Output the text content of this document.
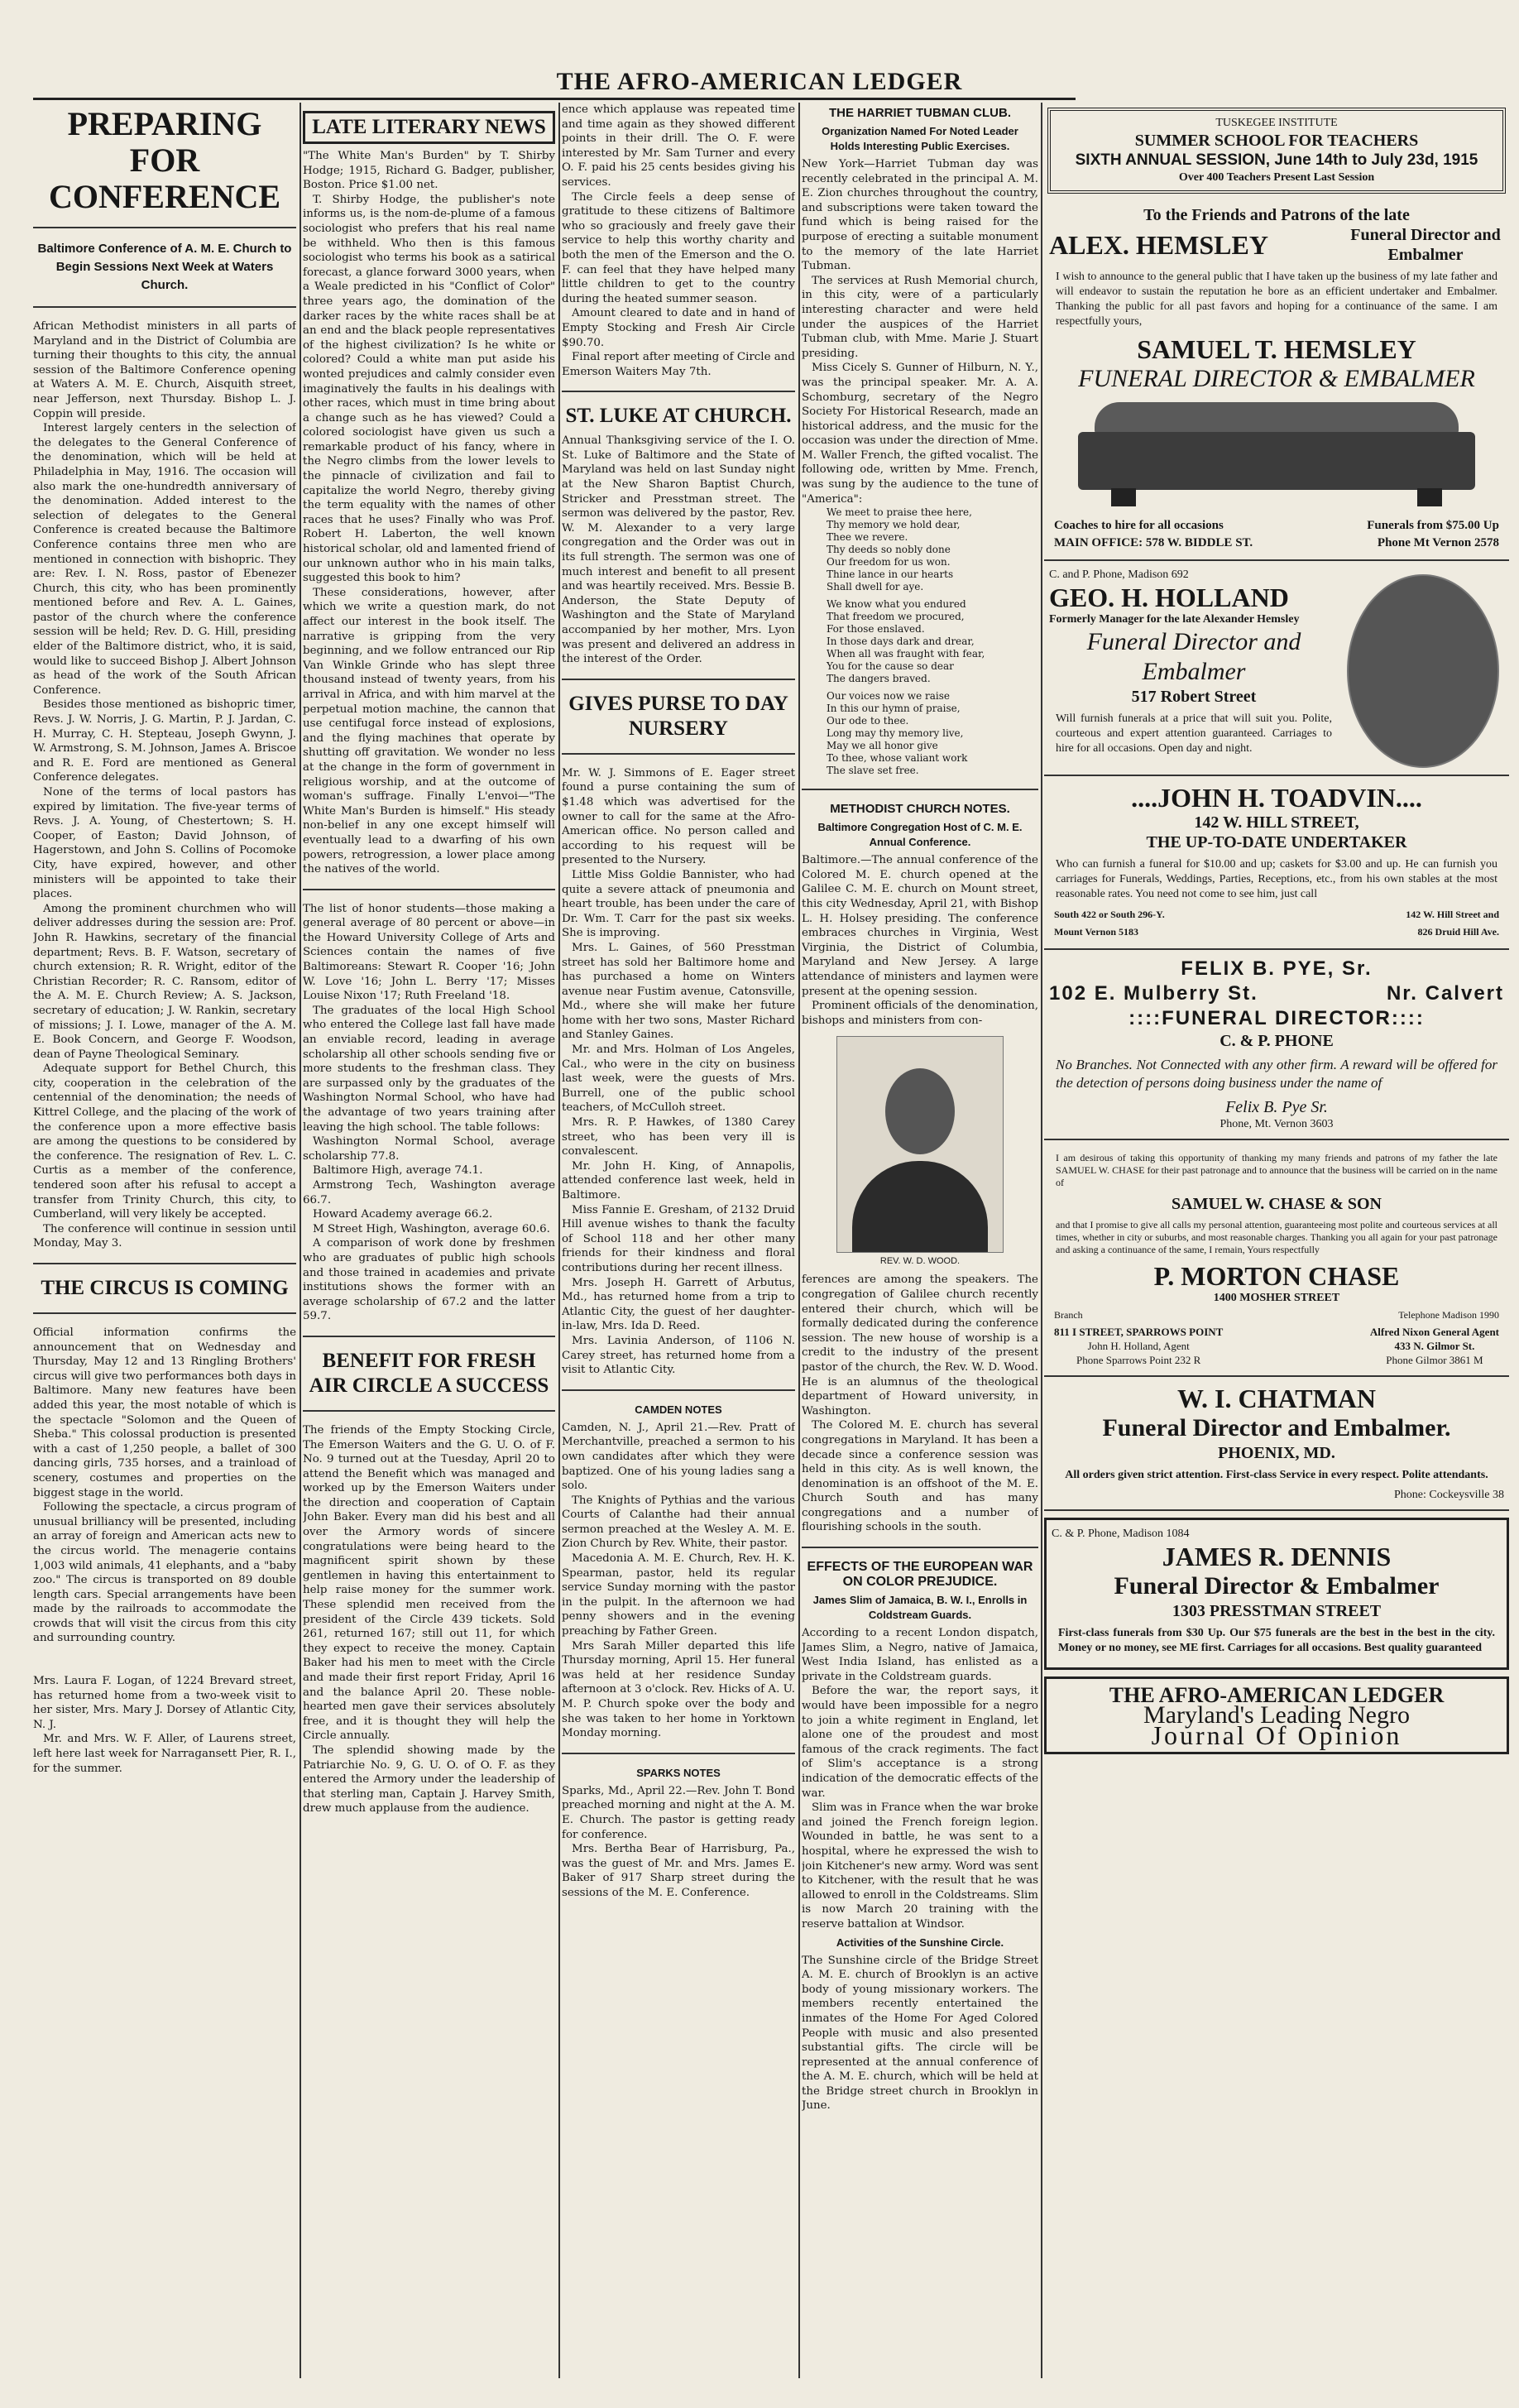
THE AFRO-AMERICAN LEDGER
PREPARING FOR CONFERENCE
Baltimore Conference of A. M. E. Church to Begin Sessions Next Week at Waters Church.

African Methodist ministers in all parts of Maryland and in the District of Columbia are turning their thoughts to this city, the annual session of the Baltimore Conference opening at Waters A. M. E. Church, Aisquith street, near Jefferson, next Thursday. Bishop L. J. Coppin will preside.

Interest largely centers in the selection of the delegates to the General Conference of the denomination, which will be held at Philadelphia in May, 1916. The occasion will also mark the one-hundredth anniversary of the denomination. Added interest to the selection of delegates to the General Conference is created because the Baltimore Conference contains three men who are mentioned in connection with bishopric. They are: Rev. I. N. Ross, pastor of Ebenezer Church, this city, who has been prominently mentioned before and Rev. A. L. Gaines, pastor of the church where the conference session will be held; Rev. D. G. Hill, presiding elder of the Baltimore district, who, it is said, would like to succeed Bishop J. Albert Johnson as head of the work of the South African Conference.

Besides those mentioned as bishopric timer, Revs. J. W. Norris, J. G. Martin, P. J. Jardan, C. H. Murray, C. H. Stepteau, Joseph Gwynn, J. W. Armstrong, S. M. Johnson, James A. Briscoe and R. E. Ford are mentioned as General Conference delegates.

None of the terms of local pastors has expired by limitation. The five-year terms of Revs. J. A. Young, of Chestertown; S. H. Cooper, of Easton; David Johnson, of Hagerstown, and John S. Collins of Pocomoke City, have expired, however, and other ministers will be appointed to take their places.

Among the prominent churchmen who will deliver addresses during the session are: Prof. John R. Hawkins, secretary of the financial department; Revs. B. F. Watson, secretary of church extension; R. R. Wright, editor of the Christian Recorder; R. C. Ransom, editor of the A. M. E. Church Review; A. S. Jackson, secretary of education; J. W. Rankin, secretary of missions; J. I. Lowe, manager of the A. M. E. Book Concern, and George F. Woodson, dean of Payne Theological Seminary.

Adequate support for Bethel Church, this city, cooperation in the celebration of the centennial of the denomination; the needs of Kittrel College, and the placing of the work of the conference upon a more effective basis are among the questions to be considered by the conference. The resignation of Rev. L. C. Curtis as a member of the conference, tendered soon after his refusal to accept a transfer from Trinity Church, this city, to Cumberland, will very likely be accepted.

The conference will continue in session until Monday, May 3.

THE CIRCUS IS COMING

Official information confirms the announcement that on Wednesday and Thursday, May 12 and 13 Ringling Brothers' circus will give two performances both days in Baltimore. Many new features have been added this year, the most notable of which is the spectacle "Solomon and the Queen of Sheba." This colossal production is presented with a cast of 1,250 people, a ballet of 300 dancing girls, 735 horses, and a trainload of scenery, costumes and properties on the biggest stage in the world.

Following the spectacle, a circus program of unusual brilliancy will be presented, including an array of foreign and American acts new to the circus world. The menagerie contains 1,003 wild animals, 41 elephants, and a "baby zoo." The circus is transported on 89 double length cars. Special arrangements have been made by the railroads to accommodate the crowds that will visit the circus from this city and surrounding country.

Mrs. Laura F. Logan, of 1224 Brevard street, has returned home from a two-week visit to her sister, Mrs. Mary J. Dorsey of Atlantic City, N. J.

Mr. and Mrs. W. F. Aller, of Laurens street, left here last week for Narragansett Pier, R. I., for the summer.

LATE LITERARY NEWS

"The White Man's Burden" by T. Shirby Hodge; 1915, Richard G. Badger, publisher, Boston. Price $1.00 net.

T. Shirby Hodge, the publisher's note informs us, is the nom-de-plume of a famous sociologist who prefers that his real name be withheld. Who then is this famous sociologist who terms his book as a satirical forecast, a glance forward 3000 years, when a Weale predicted in his "Conflict of Color" three years ago, the domination of the darker races by the white races shall be at an end and the black people representatives of the highest civilization? Is he white or colored? Could a white man put aside his wonted prejudices and calmly consider even imaginatively the faults in his dealings with other races, which must in time bring about a change such as he has viewed? Could a colored sociologist have given us such a remarkable product of his fancy, where in the Negro climbs from the lower levels to the pinnacle of civilization and fail to capitalize the world Negro, thereby giving the term equality with the names of other races that he uses? Finally who was Prof. Robert H. Laberton, the well known historical scholar, old and lamented friend of our unknown author who in his main talks, suggested this book to him?

These considerations, however, after which we write a question mark, do not affect our interest in the book itself. The narrative is gripping from the very beginning, and we follow entranced our Rip Van Winkle Grinde who has slept three thousand instead of twenty years, from his arrival in Africa, and with him marvel at the perpetual motion machine, the cannon that use centifugal force instead of explosions, and the flying machines that operate by shutting off gravitation. We wonder no less at the change in the form of government in religious worship, and at the outcome of woman's suffrage. Finally L'envoi—"The White Man's Burden is himself." His steady non-belief in any one except himself will eventually lead to a dwarfing of his own powers, retrogression, a lower place among the natives of the world.

The list of honor students—those making a general average of 80 percent or above—in the Howard University College of Arts and Sciences contain the names of five Baltimoreans: Stewart R. Cooper '16; John W. Love '16; John L. Berry '17; Misses Louise Nixon '17; Ruth Freeland '18.

The graduates of the local High School who entered the College last fall have made an enviable record, leading in average scholarship all other schools sending five or more students to the freshman class. They are surpassed only by the graduates of the Washington Normal School, who have had the advantage of two years training after leaving the high school. The table follows:

Washington Normal School, average scholarship 77.8.

Baltimore High, average 74.1.

Armstrong Tech, Washington average 66.7.

Howard Academy average 66.2.

M Street High, Washington, average 60.6.

A comparison of work done by freshmen who are graduates of public high schools and those trained in academies and private institutions shows the former with an average scholarship of 67.2 and the latter 59.7.

BENEFIT FOR FRESH AIR CIRCLE A SUCCESS

The friends of the Empty Stocking Circle, The Emerson Waiters and the G. U. O. of F. No. 9 turned out at the Tuesday, April 20 to attend the Benefit which was managed and worked up by the Emerson Waiters under the direction and cooperation of Captain John Baker. Every man did his best and all over the Armory words of sincere congratulations were being heard to the magnificent spirit shown by these gentlemen in having this entertainment to help raise money for the summer work. These splendid men received from the president of the Circle 439 tickets. Sold 261, returned 167; still out 11, for which they expect to receive the money. Captain Baker had his men to meet with the Circle and made their first report Friday, April 16 and the balance April 20. These noble-hearted men gave their services absolutely free, and it is thought they will help the Circle annually.

The splendid showing made by the Patriarchie No. 9, G. U. O. of O. F. as they entered the Armory under the leadership of that sterling man, Captain J. Harvey Smith, drew much applause from the audience.

ence which applause was repeated time and time again as they showed different points in their drill. The O. F. were interested by Mr. Sam Turner and every O. F. paid his 25 cents besides giving his services.

The Circle feels a deep sense of gratitude to these citizens of Baltimore who so graciously and freely gave their service to help this worthy charity and both the men of the Emerson and the O. F. can feel that they have helped many little children to get to the country during the heated summer season.

Amount cleared to date and in hand of Empty Stocking and Fresh Air Circle $90.70.

Final report after meeting of Circle and Emerson Waiters May 7th.

ST. LUKE AT CHURCH.

Annual Thanksgiving service of the I. O. St. Luke of Baltimore and the State of Maryland was held on last Sunday night at the New Sharon Baptist Church, Stricker and Presstman street. The sermon was delivered by the pastor, Rev. W. M. Alexander to a very large congregation and the Order was out in its full strength. The sermon was one of much interest and benefit to all present and was heartily received. Mrs. Bessie B. Anderson, the State Deputy of Washington and the State of Maryland accompanied by her mother, Mrs. Lyon was present and delivered an address in the interest of the Order.

GIVES PURSE TO DAY NURSERY

Mr. W. J. Simmons of E. Eager street found a purse containing the sum of $1.48 which was advertised for the owner to call for the same at the Afro-American office. No person called and according to his request will be presented to the Nursery.

Little Miss Goldie Bannister, who had quite a severe attack of pneumonia and heart trouble, has been under the care of Dr. Wm. T. Carr for the past six weeks. She is improving.

Mrs. L. Gaines, of 560 Presstman street has sold her Baltimore home and has purchased a home on Winters avenue near Fustim avenue, Catonsville, Md., where she will make her future home with her two sons, Master Richard and Stanley Gaines.

Mr. and Mrs. Holman of Los Angeles, Cal., who were in the city on business last week, were the guests of Mrs. Burrell, one of the public school teachers, of McCulloh street.

Mrs. R. P. Hawkes, of 1380 Carey street, who has been very ill is convalescent.

Mr. John H. King, of Annapolis, attended conference last week, held in Baltimore.

Miss Fannie E. Gresham, of 2132 Druid Hill avenue wishes to thank the faculty of School 118 and her other many friends for their kindness and floral contributions during her recent illness.

Mrs. Joseph H. Garrett of Arbutus, Md., has returned home from a trip to Atlantic City, the guest of her daughter-in-law, Mrs. Ida D. Reed.

Mrs. Lavinia Anderson, of 1106 N. Carey street, has returned home from a visit to Atlantic City.

CAMDEN NOTES

Camden, N. J., April 21.—Rev. Pratt of Merchantville, preached a sermon to his own candidates after which they were baptized. One of his young ladies sang a solo.

The Knights of Pythias and the various Courts of Calanthe had their annual sermon preached at the Wesley A. M. E. Zion Church by Rev. White, their pastor.

Macedonia A. M. E. Church, Rev. H. K. Spearman, pastor, held its regular service Sunday morning with the pastor in the pulpit. In the afternoon we had penny showers and in the evening preaching by Father Green.

Mrs Sarah Miller departed this life Thursday morning, April 15. Her funeral was held at her residence Sunday afternoon at 3 o'clock. Rev. Hicks of A. U. M. P. Church spoke over the body and she was taken to her home in Yorktown Monday morning.

SPARKS NOTES

Sparks, Md., April 22.—Rev. John T. Bond preached morning and night at the A. M. E. Church. The pastor is getting ready for conference.

Mrs. Bertha Bear of Harrisburg, Pa., was the guest of Mr. and Mrs. James E. Baker of 917 Sharp street during the sessions of the M. E. Conference.

THE HARRIET TUBMAN CLUB.
Organization Named For Noted Leader Holds Interesting Public Exercises.

New York—Harriet Tubman day was recently celebrated in the principal A. M. E. Zion churches throughout the country, and subscriptions were taken toward the fund which is being raised for the purpose of erecting a suitable monument to the memory of the late Harriet Tubman.

The services at Rush Memorial church, in this city, were of a particularly interesting character and were held under the auspices of the Harriet Tubman club, with Mme. Marie J. Stuart presiding.

Miss Cicely S. Gunner of Hilburn, N. Y., was the principal speaker. Mr. A. A. Schomburg, secretary of the Negro Society For Historical Research, made an historical address, and the music for the occasion was under the direction of Mme. M. Waller French, the gifted vocalist. The following ode, written by Mme. French, was sung by the audience to the tune of "America":

We meet to praise thee here,
Thy memory we hold dear,
Thee we revere.
Thy deeds so nobly done
Our freedom for us won.
Thine lance in our hearts
Shall dwell for aye.
We know what you endured
That freedom we procured,
For those enslaved.
In those days dark and drear,
When all was fraught with fear,
You for the cause so dear
The dangers braved.
Our voices now we raise
In this our hymn of praise,
Our ode to thee.
Long may thy memory live,
May we all honor give
To thee, whose valiant work
The slave set free.
METHODIST CHURCH NOTES.
Baltimore Congregation Host of C. M. E. Annual Conference.

Baltimore.—The annual conference of the Colored M. E. church opened at the Galilee C. M. E. church on Mount street, this city Wednesday, April 21, with Bishop L. H. Holsey presiding. The conference embraces churches in Virginia, West Virginia, the District of Columbia, Maryland and New Jersey. A large attendance of ministers and laymen were present at the opening session.

Prominent officials of the denomination, bishops and ministers from con-

REV. W. D. WOOD.

ferences are among the speakers. The congregation of Galilee church recently entered their church, which will be formally dedicated during the conference session. The new house of worship is a credit to the industry of the present pastor of the church, the Rev. W. D. Wood. He is an alumnus of the theological department of Howard university, in Washington.

The Colored M. E. church has several congregations in Maryland. It has been a decade since a conference session was held in this city. As is well known, the denomination is an offshoot of the M. E. Church South and has many congregations and a number of flourishing schools in the south.

EFFECTS OF THE EUROPEAN WAR ON COLOR PREJUDICE.
James Slim of Jamaica, B. W. I., Enrolls in Coldstream Guards.

According to a recent London dispatch, James Slim, a Negro, native of Jamaica, West India Island, has enlisted as a private in the Coldstream guards.

Before the war, the report says, it would have been impossible for a negro to join a white regiment in England, let alone one of the proudest and most famous of the crack regiments. The fact of Slim's acceptance is a strong indication of the democratic effects of the war.

Slim was in France when the war broke and joined the French foreign legion. Wounded in battle, he was sent to a hospital, where he expressed the wish to join Kitchener's new army. Word was sent to Kitchener, with the result that he was allowed to enroll in the Coldstreams. Slim is now March 20 training with the reserve battalion at Windsor.

Activities of the Sunshine Circle.

The Sunshine circle of the Bridge Street A. M. E. church of Brooklyn is an active body of young missionary workers. The members recently entertained the inmates of the Home For Aged Colored People with music and also presented substantial gifts. The circle will be represented at the annual conference of the A. M. E. church, which will be held at the Bridge street church in Brooklyn in June.

TUSKEGEE INSTITUTE
SUMMER SCHOOL FOR TEACHERS
SIXTH ANNUAL SESSION, June 14th to July 23d, 1915
Over 400 Teachers Present Last Session
To the Friends and Patrons of the late
ALEX. HEMSLEY	Funeral Director and Embalmer
I wish to announce to the general public that I have taken up the business of my late father and will endeavor to sustain the reputation he bore as an efficient undertaker and Embalmer. Thanking the public for all past favors and hoping for a continuance of the same. I am respectfully yours,
SAMUEL T. HEMSLEY
FUNERAL DIRECTOR & EMBALMER
Coaches to hire for all occasions	Funerals from $75.00 Up
MAIN OFFICE: 578 W. BIDDLE ST.	Phone Mt Vernon 2578
C. and P. Phone, Madison 692
GEO. H. HOLLAND
Formerly Manager for the late Alexander Hemsley
Funeral Director and Embalmer
517 Robert Street
Will furnish funerals at a price that will suit you. Polite, courteous and expert attention guaranteed. Carriages to hire for all occasions. Open day and night.
....JOHN H. TOADVIN....
142 W. HILL STREET,
THE UP-TO-DATE UNDERTAKER
Who can furnish a funeral for $10.00 and up; caskets for $3.00 and up. He can furnish you carriages for Funerals, Weddings, Parties, Receptions, etc., from his own stables at the most reasonable rates. You need not come to see him, just call
South 422 or South 296-Y.	142 W. Hill Street and
Mount Vernon 5183	826 Druid Hill Ave.
FELIX B. PYE, Sr.
102 E. Mulberry St.	Nr. Calvert
::::FUNERAL DIRECTOR::::
C. & P. PHONE
No Branches. Not Connected with any other firm. A reward will be offered for the detection of persons doing business under the name of
Felix B. Pye Sr.
Phone, Mt. Vernon 3603
I am desirous of taking this opportunity of thanking my many friends and patrons of my father the late SAMUEL W. CHASE for their past patronage and to announce that the business will be carried on in the name of
SAMUEL W. CHASE & SON
and that I promise to give all calls my personal attention, guaranteeing most polite and courteous services at all times, whether in city or suburbs, and most reasonable charges. Thanking you all again for your past patronage and asking a continuance of the same, I remain, Yours respectfully
P. MORTON CHASE
1400 MOSHER STREET
Branch	Telephone Madison 1990
811 I STREET, SPARROWS POINT
John H. Holland, Agent
Phone Sparrows Point 232 R
Alfred Nixon General Agent
433 N. Gilmor St.
Phone Gilmor 3861 M
W. I. CHATMAN
Funeral Director and Embalmer.
PHOENIX, MD.
All orders given strict attention. First-class Service in every respect. Polite attendants.
Phone: Cockeysville 38
C. & P. Phone, Madison 1084
JAMES R. DENNIS
Funeral Director & Embalmer
1303 PRESSTMAN STREET
First-class funerals from $30 Up. Our $75 funerals are the best in the best in the city. Money or no money, see ME first. Carriages for all occasions. Best quality guaranteed
THE AFRO-AMERICAN LEDGER
Maryland's Leading Negro
Journal Of Opinion
